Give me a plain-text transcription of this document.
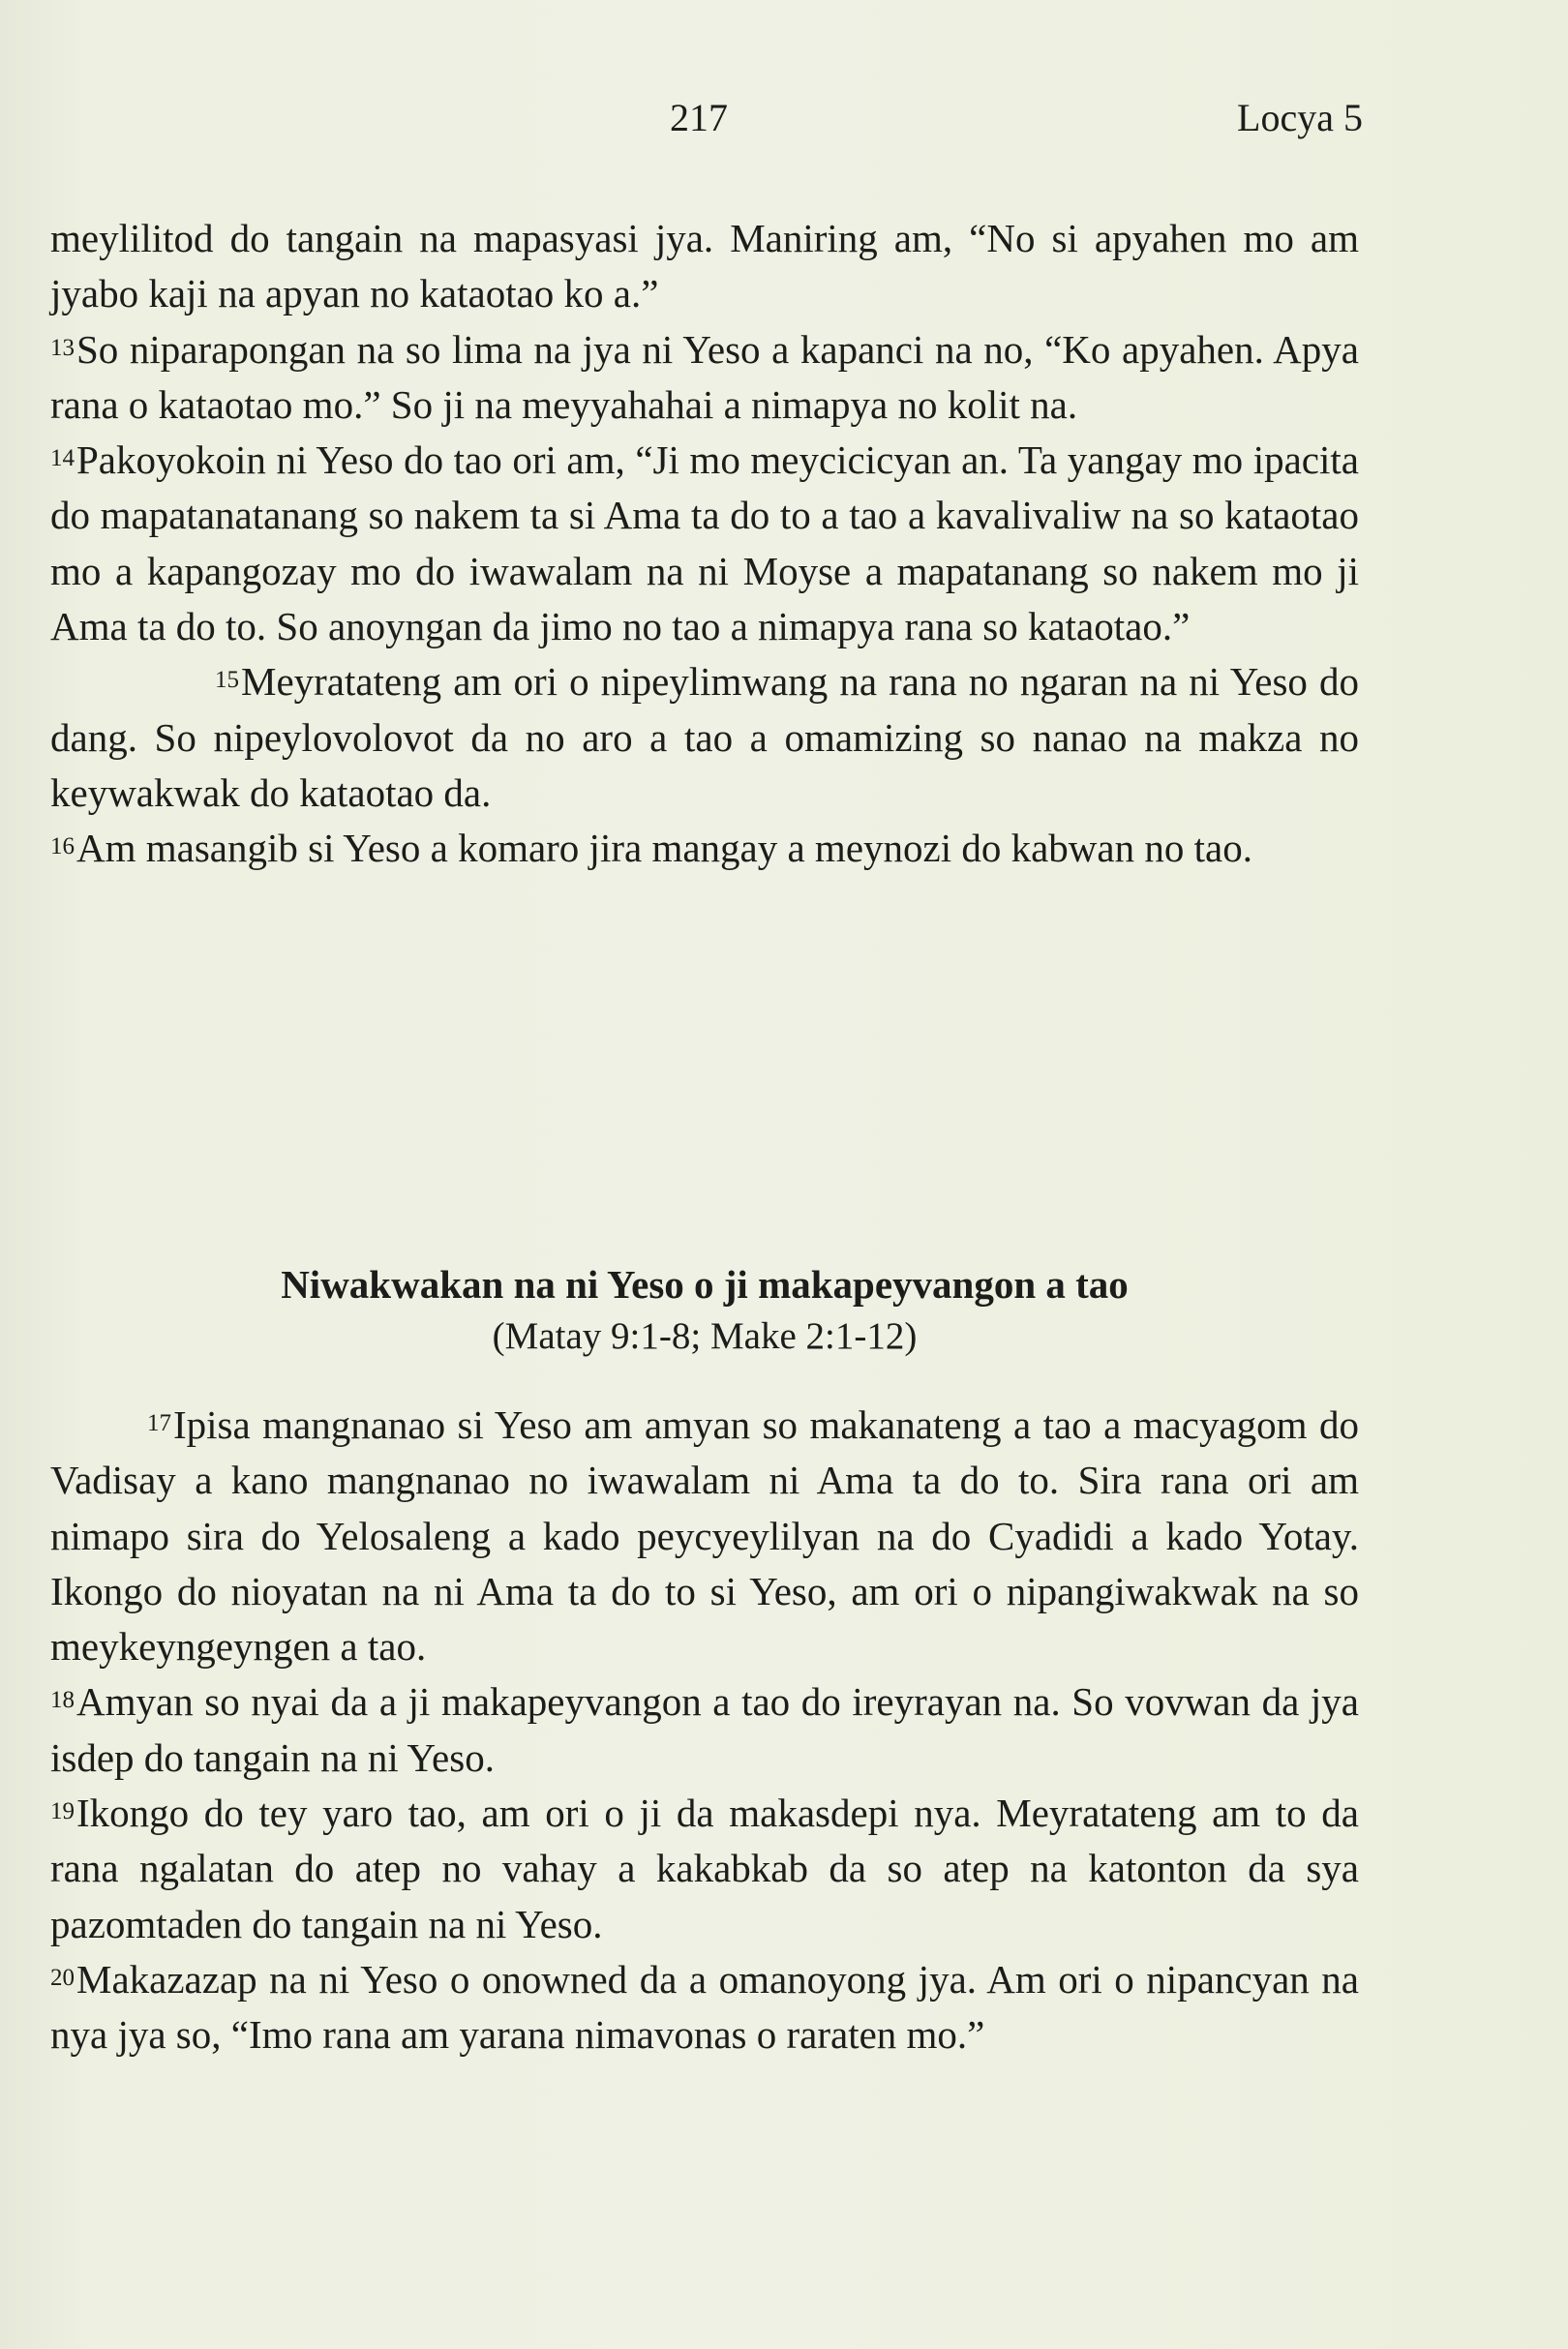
217	Locya 5

meylilitod do tangain na mapasyasi jya. Maniring am, “No si apyahen mo am jyabo kaji na apyan no kataotao ko a.”

13So niparapongan na so lima na jya ni Yeso a kapanci na no, “Ko apyahen. Apya rana o kataotao mo.” So ji na meyyahahai a nimapya no kolit na.

14Pakoyokoin ni Yeso do tao ori am, “Ji mo meycicicyan an. Ta yangay mo ipacita do mapatanatanang so nakem ta si Ama ta do to a tao a kavalivaliw na so kataotao mo a kapangozay mo do iwawalam na ni Moyse a mapatanang so nakem mo ji Ama ta do to. So anoyngan da jimo no tao a nimapya rana so kataotao.”

15Meyratateng am ori o nipeylimwang na rana no ngaran na ni Yeso do dang. So nipeylovolovot da no aro a tao a omamizing so nanao na makza no keywakwak do kataotao da.

16Am masangib si Yeso a komaro jira mangay a meynozi do kabwan no tao.

Niwakwakan na ni Yeso o ji makapeyvangon a tao

(Matay 9:1-8; Make 2:1-12)

17Ipisa mangnanao si Yeso am amyan so makanateng a tao a macyagom do Vadisay a kano mangnanao no iwawalam ni Ama ta do to. Sira rana ori am nimapo sira do Yelosaleng a kado peycyeylilyan na do Cyadidi a kado Yotay. Ikongo do nioyatan na ni Ama ta do to si Yeso, am ori o nipangiwakwak na so meykeyngeyngen a tao.

18Amyan so nyai da a ji makapeyvangon a tao do ireyrayan na. So vovwan da jya isdep do tangain na ni Yeso.

19Ikongo do tey yaro tao, am ori o ji da makasdepi nya. Meyratateng am to da rana ngalatan do atep no vahay a kakabkab da so atep na katonton da sya pazomtaden do tangain na ni Yeso.

20Makazazap na ni Yeso o onowned da a omanoyong jya. Am ori o nipancyan na nya jya so, “Imo rana am yarana nimavonas o raraten mo.”
